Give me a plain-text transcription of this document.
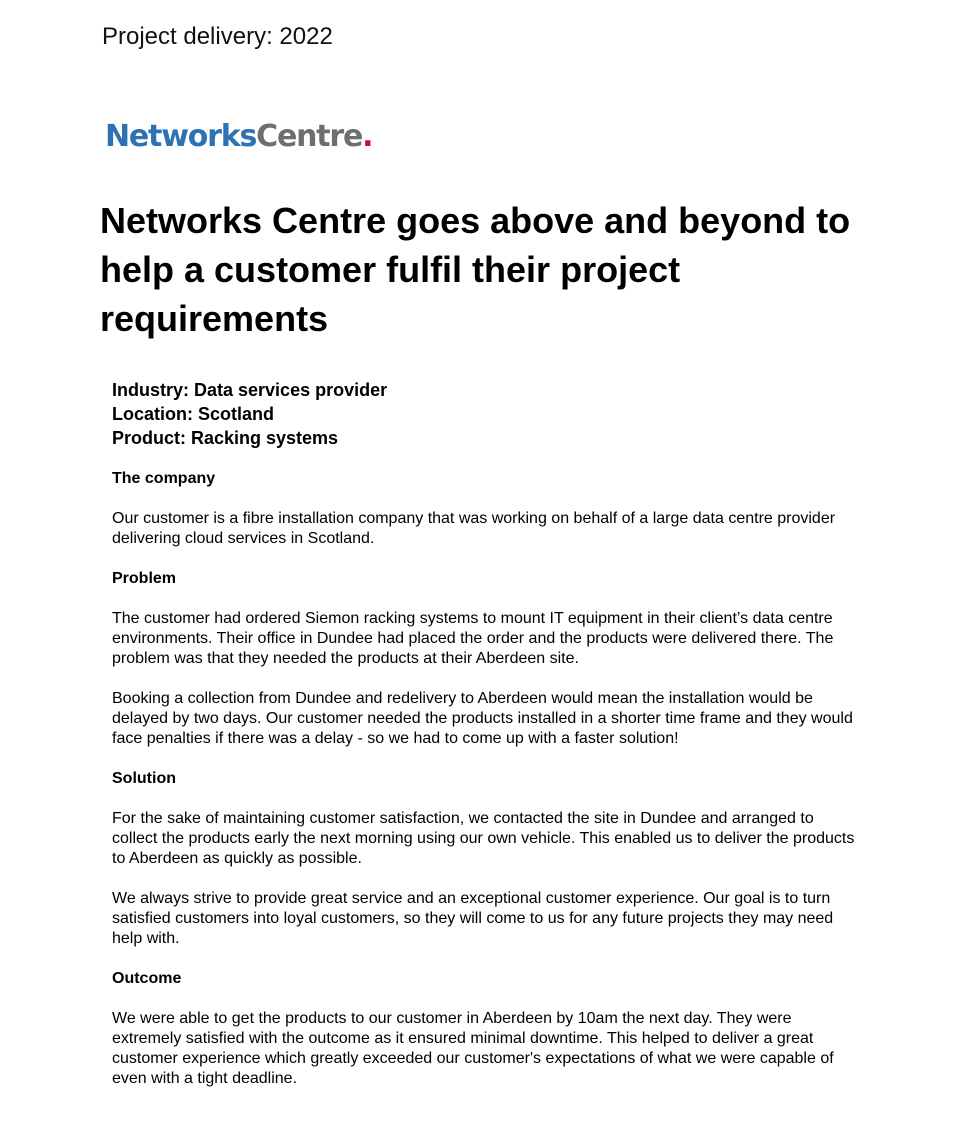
Project delivery: 2022
NetworksCentre.
Networks Centre goes above and beyond to help a customer fulfil their project requirements
Industry: Data services provider
Location: Scotland
Product: Racking systems
The company

Our customer is a fibre installation company that was working on behalf of a large data centre provider delivering cloud services in Scotland.

Problem

The customer had ordered Siemon racking systems to mount IT equipment in their client’s data centre environments. Their office in Dundee had placed the order and the products were delivered there. The problem was that they needed the products at their Aberdeen site.

Booking a collection from Dundee and redelivery to Aberdeen would mean the installation would be delayed by two days. Our customer needed the products installed in a shorter time frame and they would face penalties if there was a delay - so we had to come up with a faster solution!

Solution

For the sake of maintaining customer satisfaction, we contacted the site in Dundee and arranged to collect the products early the next morning using our own vehicle. This enabled us to deliver the products to Aberdeen as quickly as possible.

We always strive to provide great service and an exceptional customer experience. Our goal is to turn satisfied customers into loyal customers, so they will come to us for any future projects they may need help with.

Outcome

We were able to get the products to our customer in Aberdeen by 10am the next day. They were extremely satisfied with the outcome as it ensured minimal downtime. This helped to deliver a great customer experience which greatly exceeded our customer's expectations of what we were capable of even with a tight deadline.
